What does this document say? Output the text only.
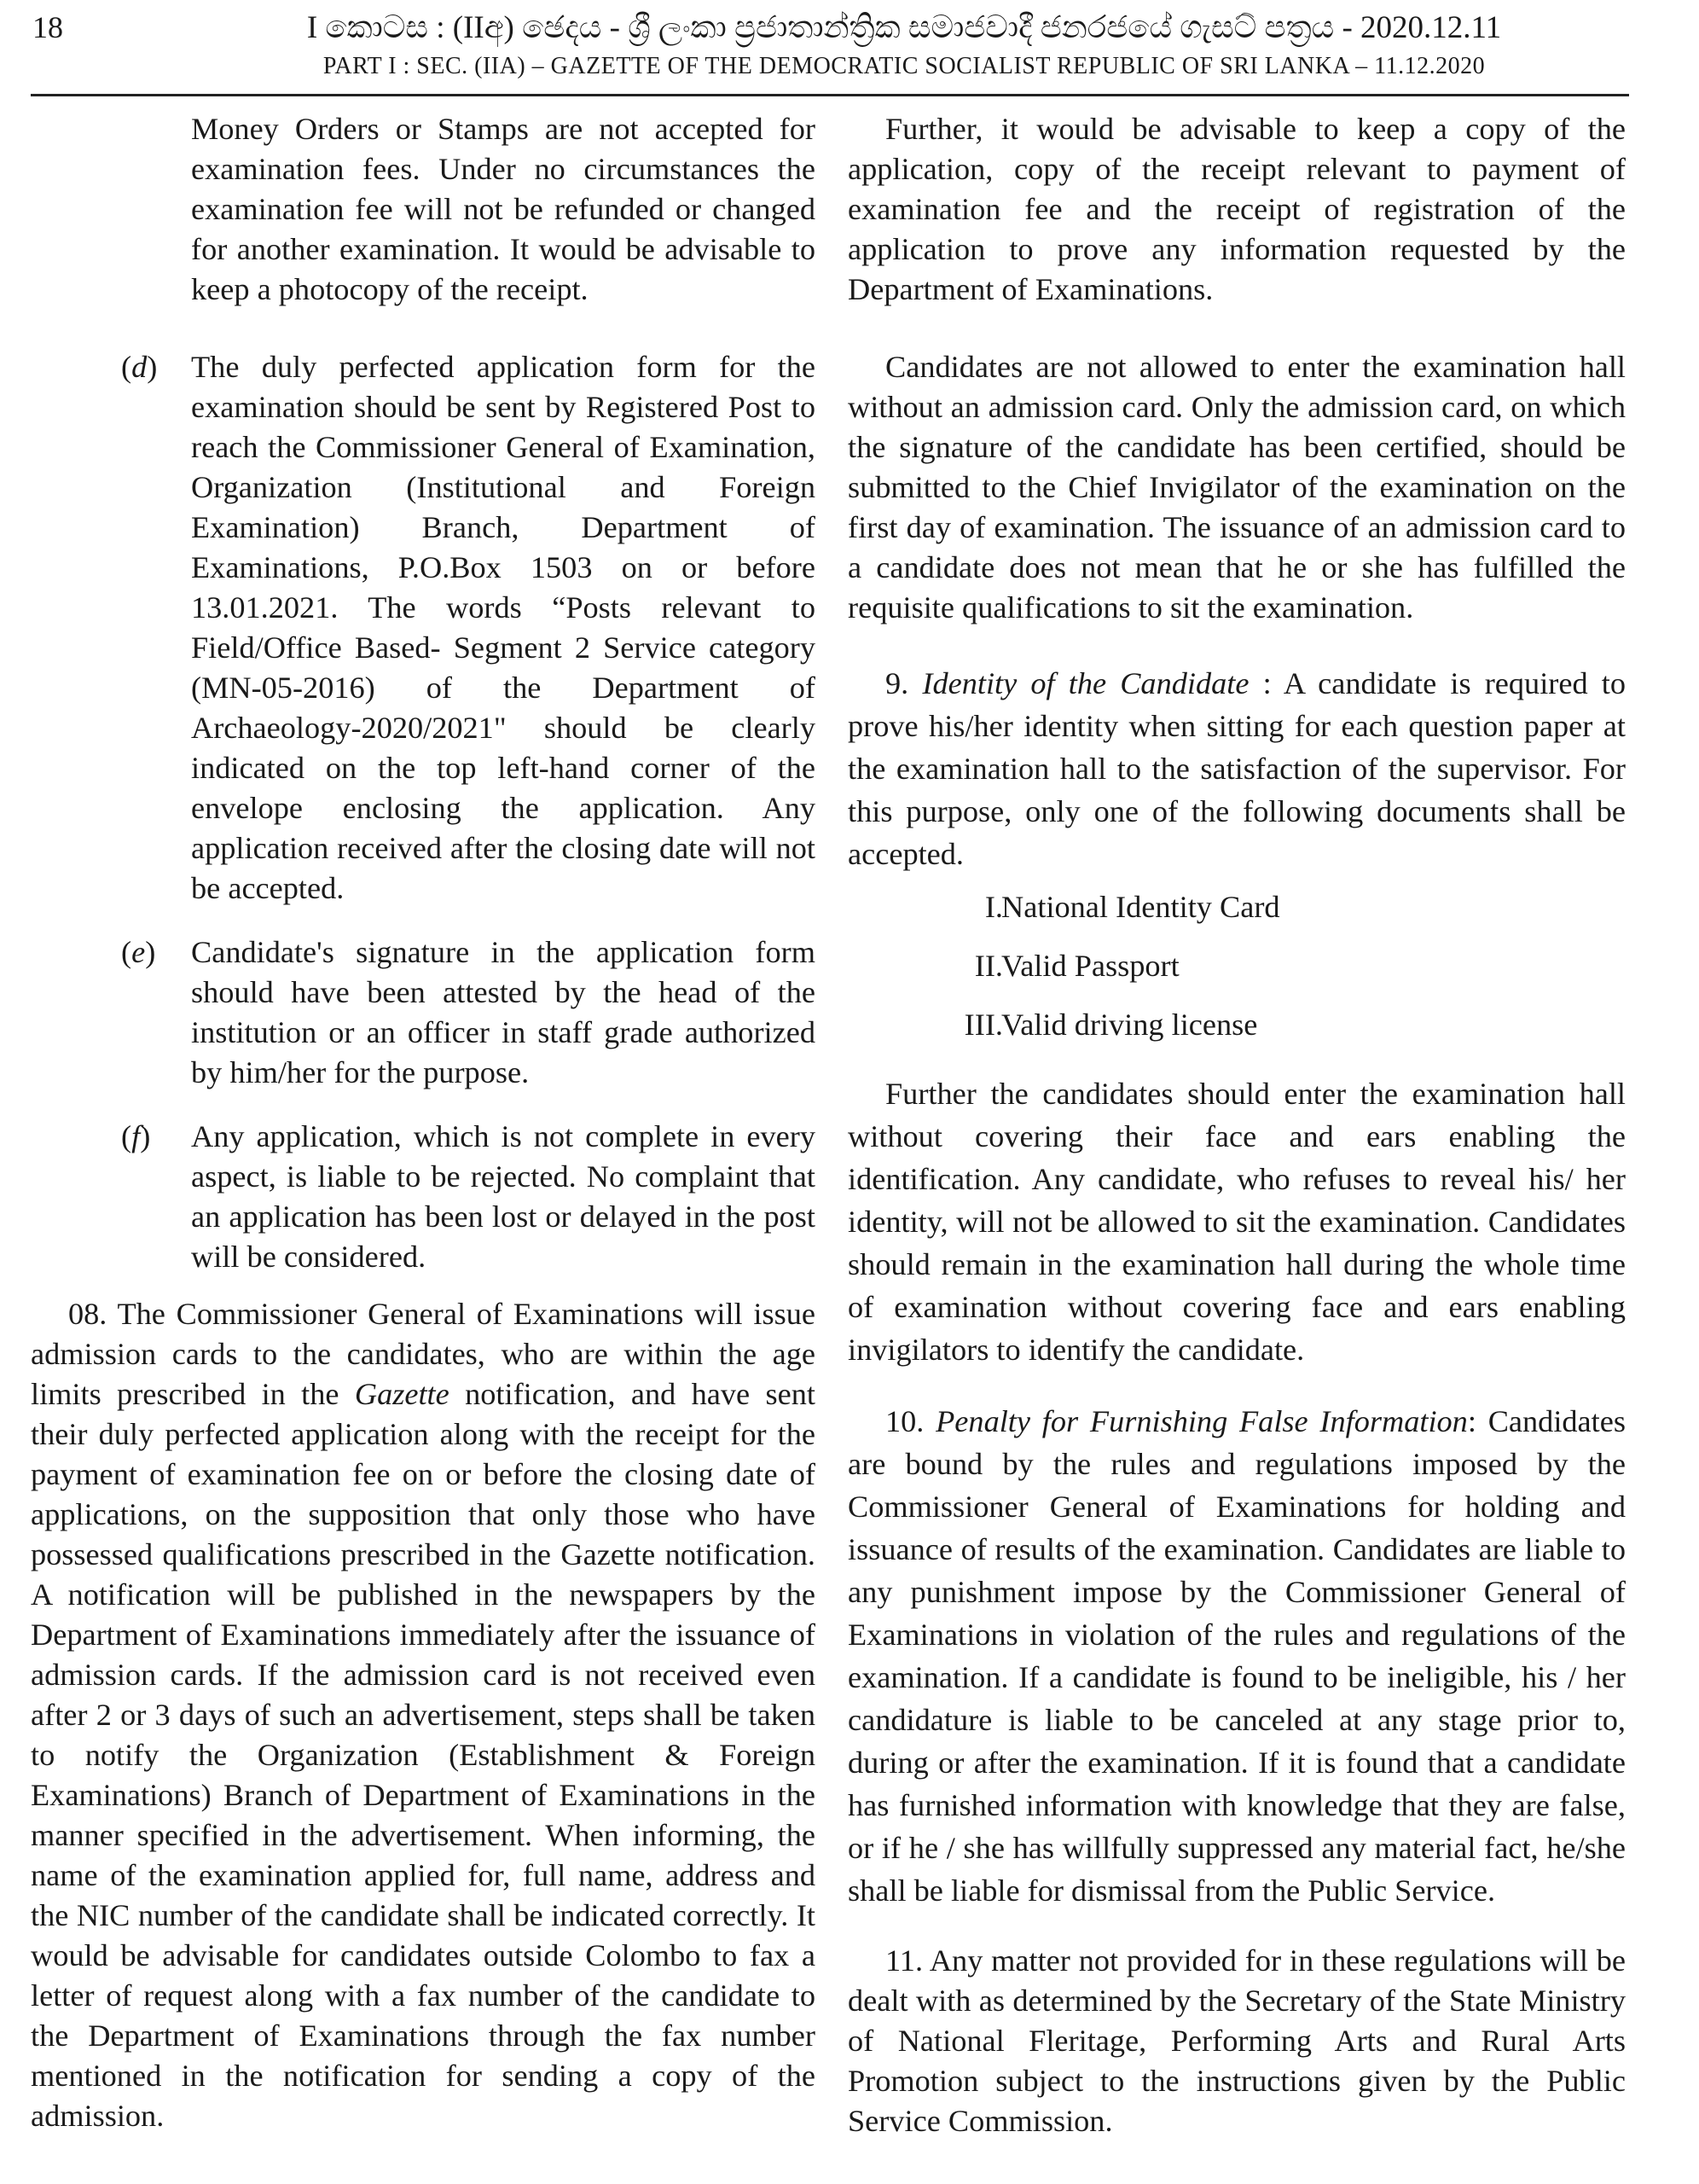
18	I කොටස : (IIඅ) ඡෙදය - ශ්‍රී ලංකා ප්‍රජාතාන්ත්‍රික සමාජවාදී ජනරජයේ ගැසට් පත්‍රය - 2020.12.11
PART I : SEC. (IIA) – GAZETTE OF THE DEMOCRATIC SOCIALIST REPUBLIC OF SRI LANKA – 11.12.2020

Money Orders or Stamps are not accepted for examination fees. Under no circumstances the examination fee will not be refunded or changed for another examination. It would be advisable to keep a photocopy of the receipt.

(d) The duly perfected application form for the examination should be sent by Registered Post to reach the Commissioner General of Examination, Organization (Institutional and Foreign Examination) Branch, Department of Examinations, P.O.Box 1503 on or before 13.01.2021. The words “Posts relevant to Field/Office Based- Segment 2 Service category (MN-05-2016) of the Department of Archaeology-2020/2021" should be clearly indicated on the top left-hand corner of the envelope enclosing the application. Any application received after the closing date will not be accepted.

(e) Candidate's signature in the application form should have been attested by the head of the institution or an officer in staff grade authorized by him/her for the purpose.

(f) Any application, which is not complete in every aspect, is liable to be rejected. No complaint that an application has been lost or delayed in the post will be considered.

08. The Commissioner General of Examinations will issue admission cards to the candidates, who are within the age limits prescribed in the Gazette notification, and have sent their duly perfected application along with the receipt for the payment of examination fee on or before the closing date of applications, on the supposition that only those who have possessed qualifications prescribed in the Gazette notification. A notification will be published in the newspapers by the Department of Examinations immediately after the issuance of admission cards. If the admission card is not received even after 2 or 3 days of such an advertisement, steps shall be taken to notify the Organization (Establishment & Foreign Examinations) Branch of Department of Examinations in the manner specified in the advertisement. When informing, the name of the examination applied for, full name, address and the NIC number of the candidate shall be indicated correctly. It would be advisable for candidates outside Colombo to fax a letter of request along with a fax number of the candidate to the Department of Examinations through the fax number mentioned in the notification for sending a copy of the admission.

Further, it would be advisable to keep a copy of the application, copy of the receipt relevant to payment of examination fee and the receipt of registration of the application to prove any information requested by the Department of Examinations.

Candidates are not allowed to enter the examination hall without an admission card. Only the admission card, on which the signature of the candidate has been certified, should be submitted to the Chief Invigilator of the examination on the first day of examination. The issuance of an admission card to a candidate does not mean that he or she has fulfilled the requisite qualifications to sit the examination.

9. Identity of the Candidate : A candidate is required to prove his/her identity when sitting for each question paper at the examination hall to the satisfaction of the supervisor. For this purpose, only one of the following documents shall be accepted.

I.
National Identity Card
II.
Valid Passport
III.
Valid driving license

Further the candidates should enter the examination hall without covering their face and ears enabling the identification. Any candidate, who refuses to reveal his/ her identity, will not be allowed to sit the examination. Candidates should remain in the examination hall during the whole time of examination without covering face and ears enabling invigilators to identify the candidate.

10. Penalty for Furnishing False Information: Candidates are bound by the rules and regulations imposed by the Commissioner General of Examinations for holding and issuance of results of the examination. Candidates are liable to any punishment impose by the Commissioner General of Examinations in violation of the rules and regulations of the examination. If a candidate is found to be ineligible, his / her candidature is liable to be canceled at any stage prior to, during or after the examination. If it is found that a candidate has furnished information with knowledge that they are false, or if he / she has willfully suppressed any material fact, he/she shall be liable for dismissal from the Public Service.

11. Any matter not provided for in these regulations will be dealt with as determined by the Secretary of the State Ministry of National Fleritage, Performing Arts and Rural Arts Promotion subject to the instructions given by the Public Service Commission.
